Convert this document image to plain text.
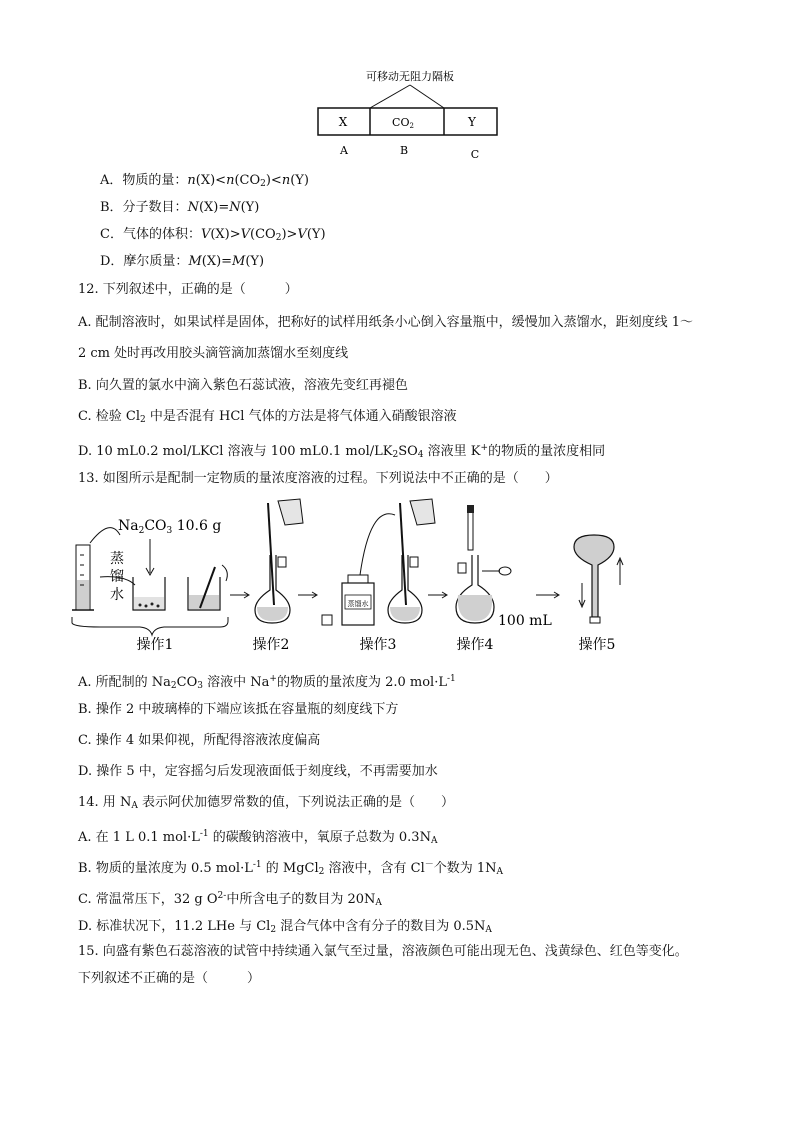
可移动无阻力隔板
X	CO2	Y
A	B	C
A．物质的量：$n(X)<n(CO_2)<n(Y)$
B．分子数目：N(X)=N(Y)
C．气体的体积：$V(X)>V(CO_2)>V(Y)$
D．摩尔质量：M(X)=M(Y)
12. 下列叙述中，正确的是（　　　）
A. 配制溶液时，如果试样是固体，把称好的试样用纸条小心倒入容量瓶中，缓慢加入蒸馏水，距刻度线 1～
2 cm 处时再改用胶头滴管滴加蒸馏水至刻度线
B. 向久置的氯水中滴入紫色石蕊试液，溶液先变红再褪色
C. 检验 $Cl_2$ 中是否混有 HCl 气体的方法是将气体通入硝酸银溶液
D. 10 mL0.2 mol/LKCl 溶液与 100 mL0.1 mol/$LK_2SO_4$ 溶液里 K+的物质的量浓度相同
13. 如图所示是配制一定物质的量浓度溶液的过程。下列说法中不正确的是（　　）
$Na_2CO_3$ 10.6 g
蒸
馏
水
操作1	操作2
蒸馏水
操作3
100 mL
操作4	操作5
A. 所配制的 $Na_2CO_3$ 溶液中 Na+的物质的量浓度为 2.0 $mol\cdot L^{-1}$
B. 操作 2 中玻璃棒的下端应该抵在容量瓶的刻度线下方
C. 操作 4 如果仰视，所配得溶液浓度偏高
D. 操作 5 中，定容摇匀后发现液面低于刻度线，不再需要加水
14. 用 $N_A$ 表示阿伏加德罗常数的值，下列说法正确的是（　　）
A. 在 1 L 0.1 $mol\cdot L^{-1}$ 的碳酸钠溶液中，氧原子总数为 $0.3N_A$
B. 物质的量浓度为 0.5 $mol\cdot L^{-1}$ 的 MgCl$_2$ 溶液中，含有 Cl－个数为 $1N_A$
C. 常温常压下，32 g $O^{2-}$中所含电子的数目为 $20N_A$
D. 标准状况下，11.2 LHe 与 $Cl_2$ 混合气体中含有分子的数目为 $0.5N_A$
15. 向盛有紫色石蕊溶液的试管中持续通入氯气至过量，溶液颜色可能出现无色、浅黄绿色、红色等变化。
下列叙述不正确的是（　　　）
